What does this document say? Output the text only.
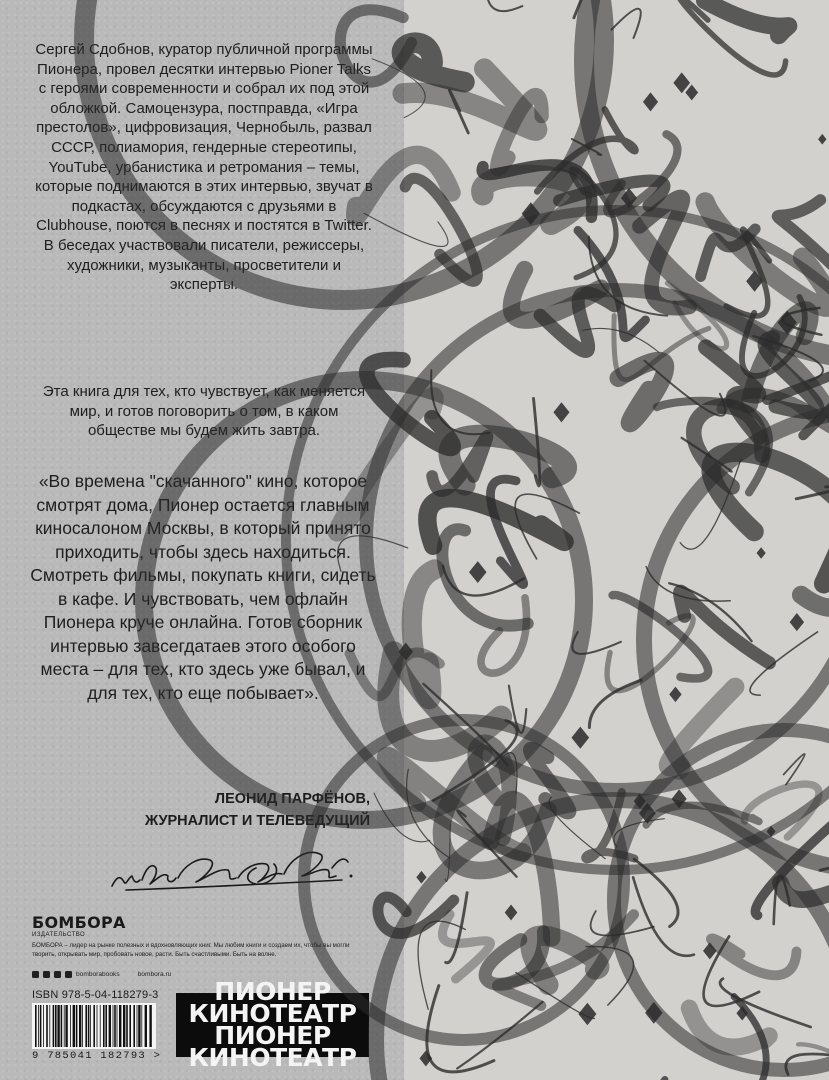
Сергей Сдобнов, куратор публичной программы Пионера, провел десятки интервью Pioner Talks с героями современности и собрал их под этой обложкой. Самоцензура, постправда, «Игра престолов», цифровизация, Чернобыль, развал СССР, полиамория, гендерные стереотипы, YouTube, урбанистика и ретромания – темы, которые поднимаются в этих интервью, звучат в подкастах, обсуждаются с друзьями в Clubhouse, поются в песнях и постятся в Twitter. В беседах участвовали писатели, режиссеры, художники, музыканты, просветители и эксперты.

Эта книга для тех, кто чувствует, как меняется мир, и готов поговорить о том, в каком обществе мы будем жить завтра.

«Во времена "скачанного" кино, которое смотрят дома, Пионер остается главным киносалоном Москвы, в который принято приходить, чтобы здесь находиться. Смотреть фильмы, покупать книги, сидеть в кафе. И чувствовать, чем офлайн Пионера круче онлайна. Готов сборник интервью завсегдатаев этого особого места – для тех, кто здесь уже бывал, и для тех, кто еще побывает».

ЛЕОНИД ПАРФЁНОВ,
ЖУРНАЛИСТ И ТЕЛЕВЕДУЩИЙ
БОМБОРА
ИЗДАТЕЛЬСТВО

БОМБОРА – лидер на рынке полезных и вдохновляющих книг. Мы любим книги и создаем их, чтобы вы могли творить, открывать мир, пробовать новое, расти. Быть счастливыми. Быть на волне.

bomborabooks	bombora.ru
ISBN 978-5-04-118279-3
9 785041 182793 >
ПИОНЕР
КИНОТЕАТР
ПИОНЕР
КИНОТЕАТР
